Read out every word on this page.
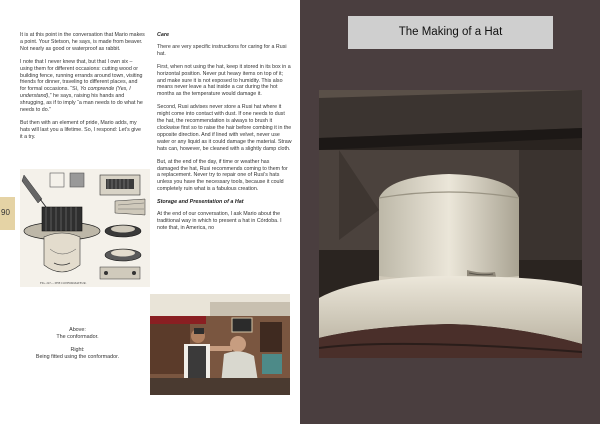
It is at this point in the conversation that Mario makes a point. Your Stetson, he says, is made from beaver. Not nearly as good or waterproof as rabbit.

I note that I never knew that, but that I own six – using them for different occasions: cutting wood or building fence, running errands around town, visiting friends for dinner, traveling to different places, and for formal occasions. “Sí, Yo comprende (Yes, I understand),” he says, raising his hands and shrugging, as if to imply “a man needs to do what he needs to do.”

But then with an element of pride, Mario adds, my hats will last you a lifetime. So, I respond: Let’s give it a try.

Care

There are very specific instructions for caring for a Rusi hat.

First, when not using the hat, keep it stored in its box in a horizontal position. Never put heavy items on top of it; and make sure it is not exposed to humidity. This also means never leave a hat inside a car during the hot months as the temperature would damage it.

Second, Rusi advises never store a Rusi hat where it might come into contact with dust. If one needs to dust the hat, the recommendation is always to brush it clockwise first so to raise the hair before combing it in the opposite direction. And if lined with velvet, never use water or any liquid as it could damage the material. Straw hats can, however, be cleaned with a slightly damp cloth.

But, at the end of the day, if time or weather has damaged the hat, Rusi recommends coming to them for a replacement. Never try to repair one of Rusi’s hats unless you have the necessary tools, because it could completely ruin what is a fabulous creation.

Storage and Presentation of a Hat

At the end of our conversation, I ask Mario about the traditional way in which to present a hat in Córdoba. I note that, in America, no

90
FIG. 247.—THE CONFORMATEUR.

Above:
The conformador.

Right:
Being fitted using the conformador.

The Making of a Hat
